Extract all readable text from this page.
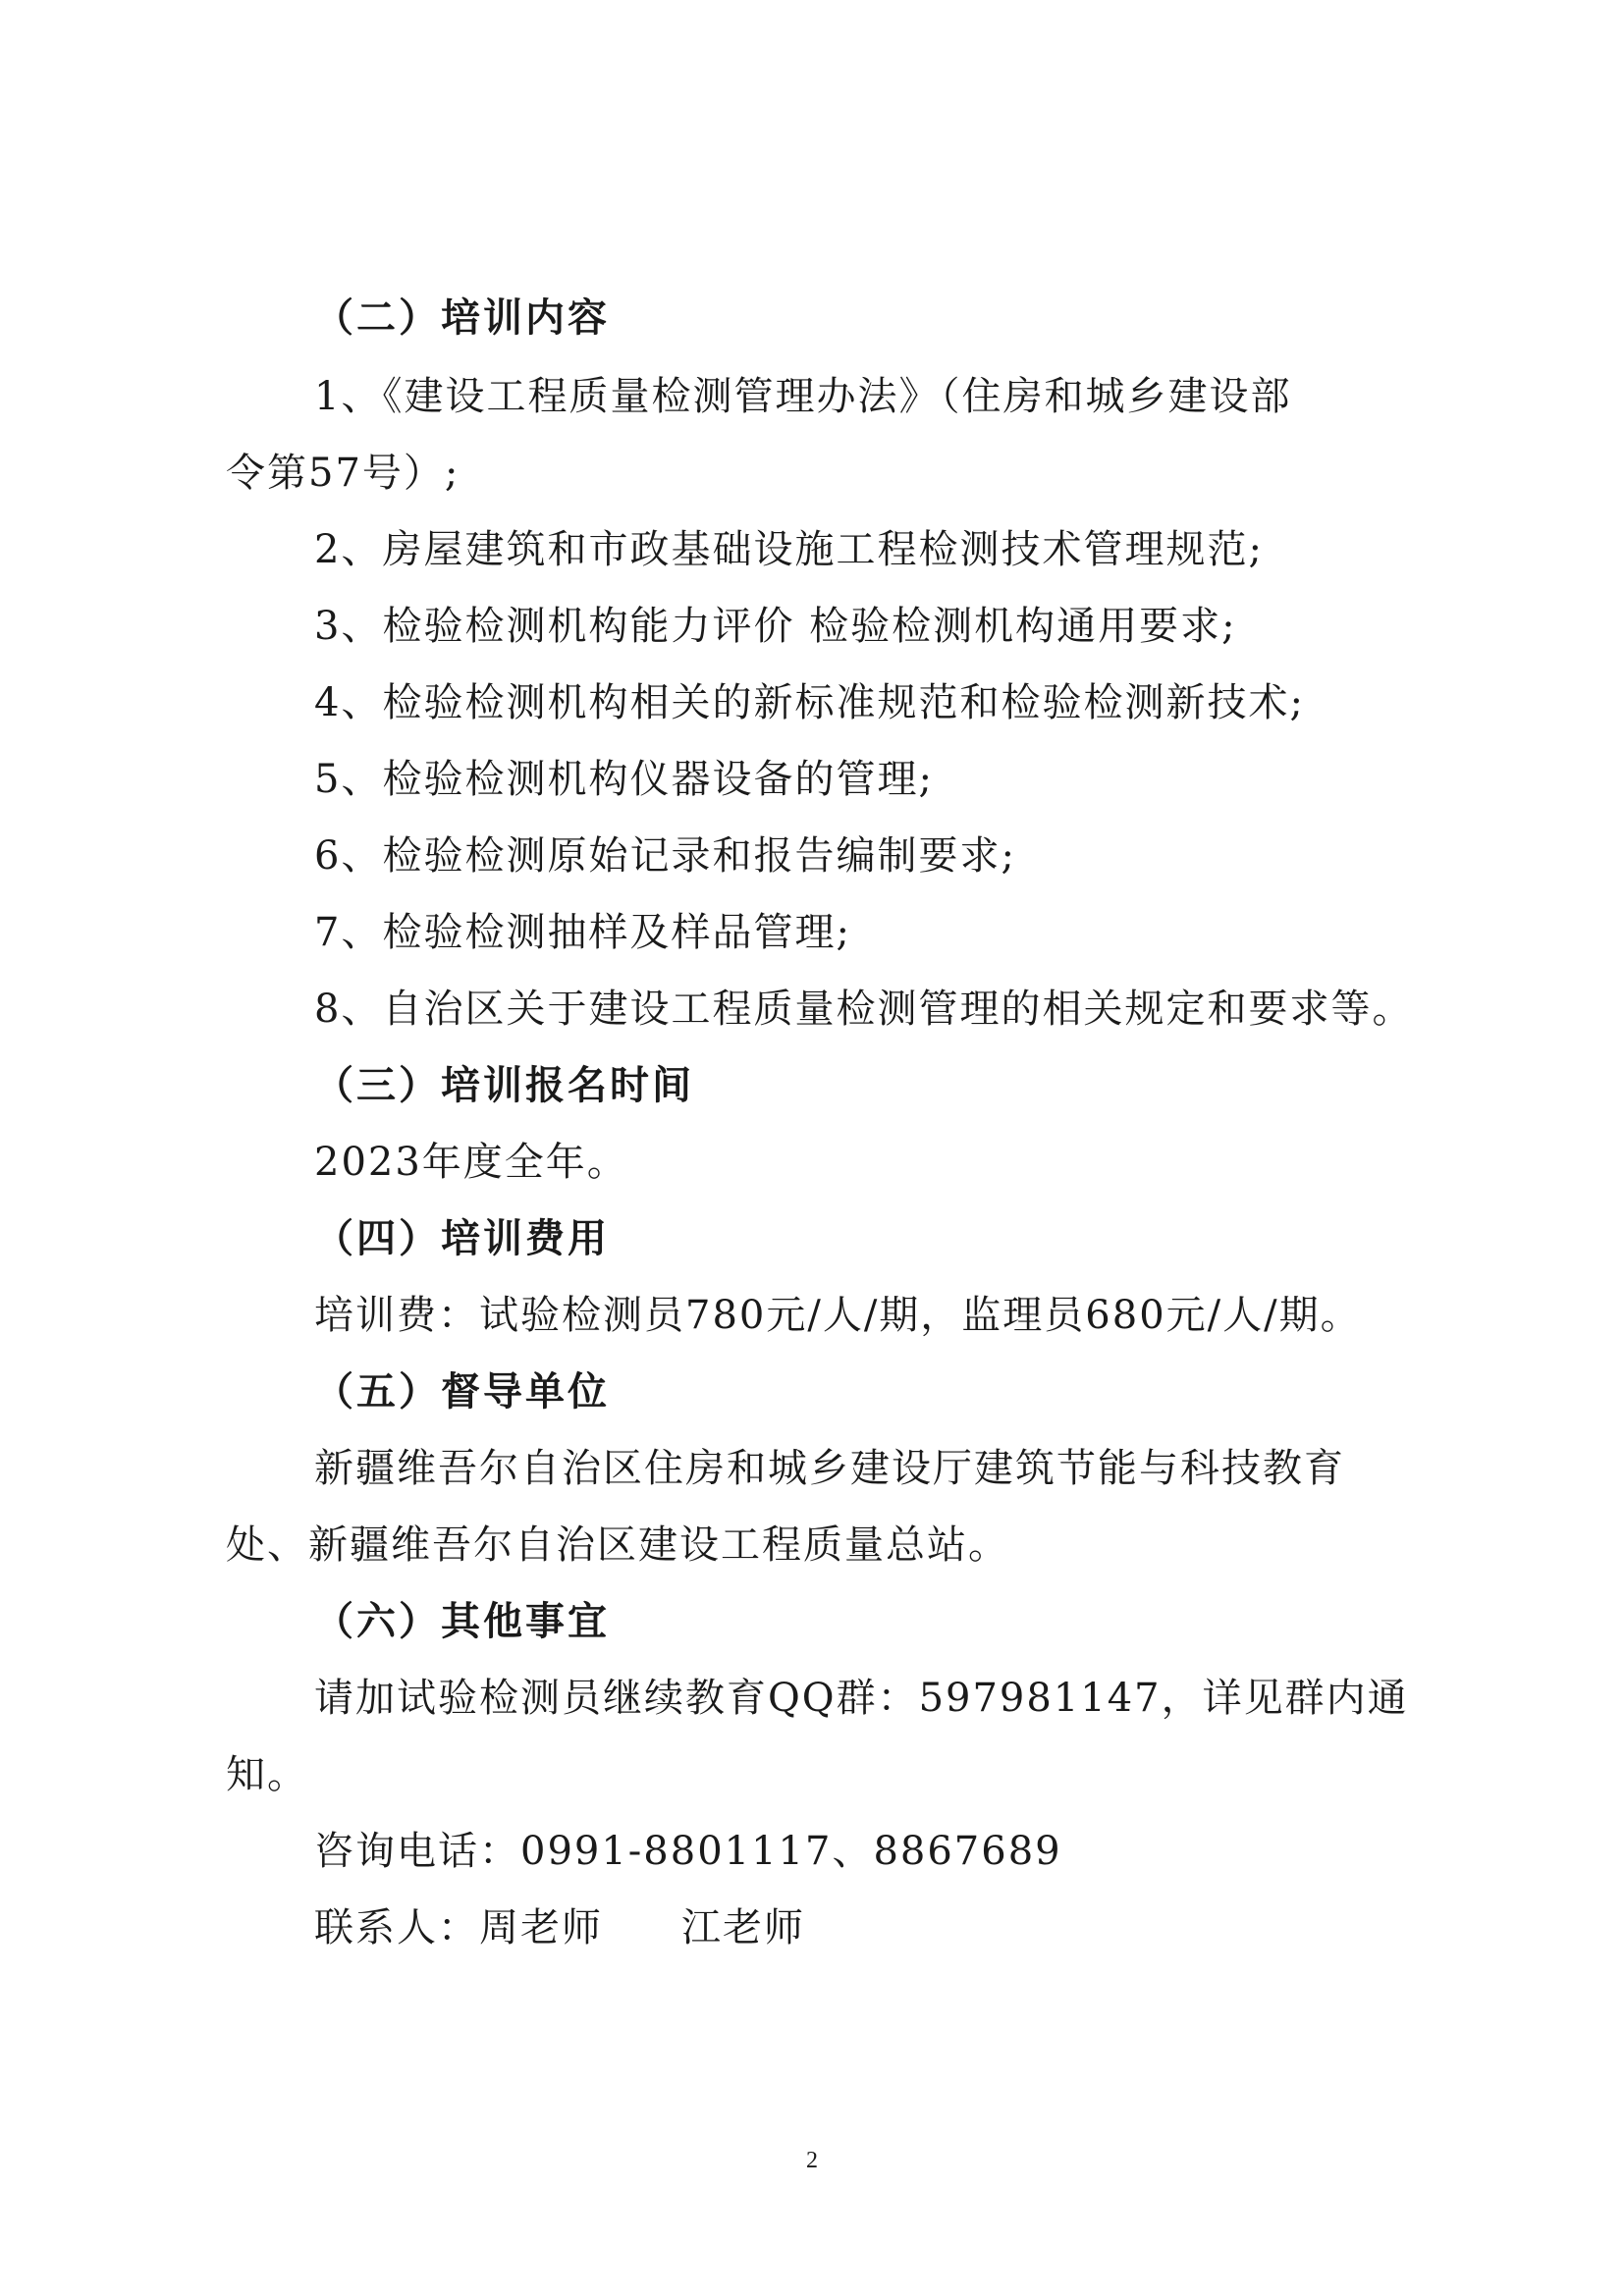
（二）培训内容
1、《建设工程质量检测管理办法》（住房和城乡建设部
令第57号）;
2、房屋建筑和市政基础设施工程检测技术管理规范;
3、检验检测机构能力评价 检验检测机构通用要求;
4、检验检测机构相关的新标准规范和检验检测新技术;
5、检验检测机构仪器设备的管理;
6、检验检测原始记录和报告编制要求;
7、检验检测抽样及样品管理;
8、自治区关于建设工程质量检测管理的相关规定和要求等。
（三）培训报名时间
2023年度全年。
（四）培训费用
培训费：试验检测员780元/人/期，监理员680元/人/期。
（五）督导单位
新疆维吾尔自治区住房和城乡建设厅建筑节能与科技教育
处、新疆维吾尔自治区建设工程质量总站。
（六）其他事宜
请加试验检测员继续教育QQ群：597981147，详见群内通
知。
咨询电话：0991-8801117、8867689
联系人：周老师 江老师
2
